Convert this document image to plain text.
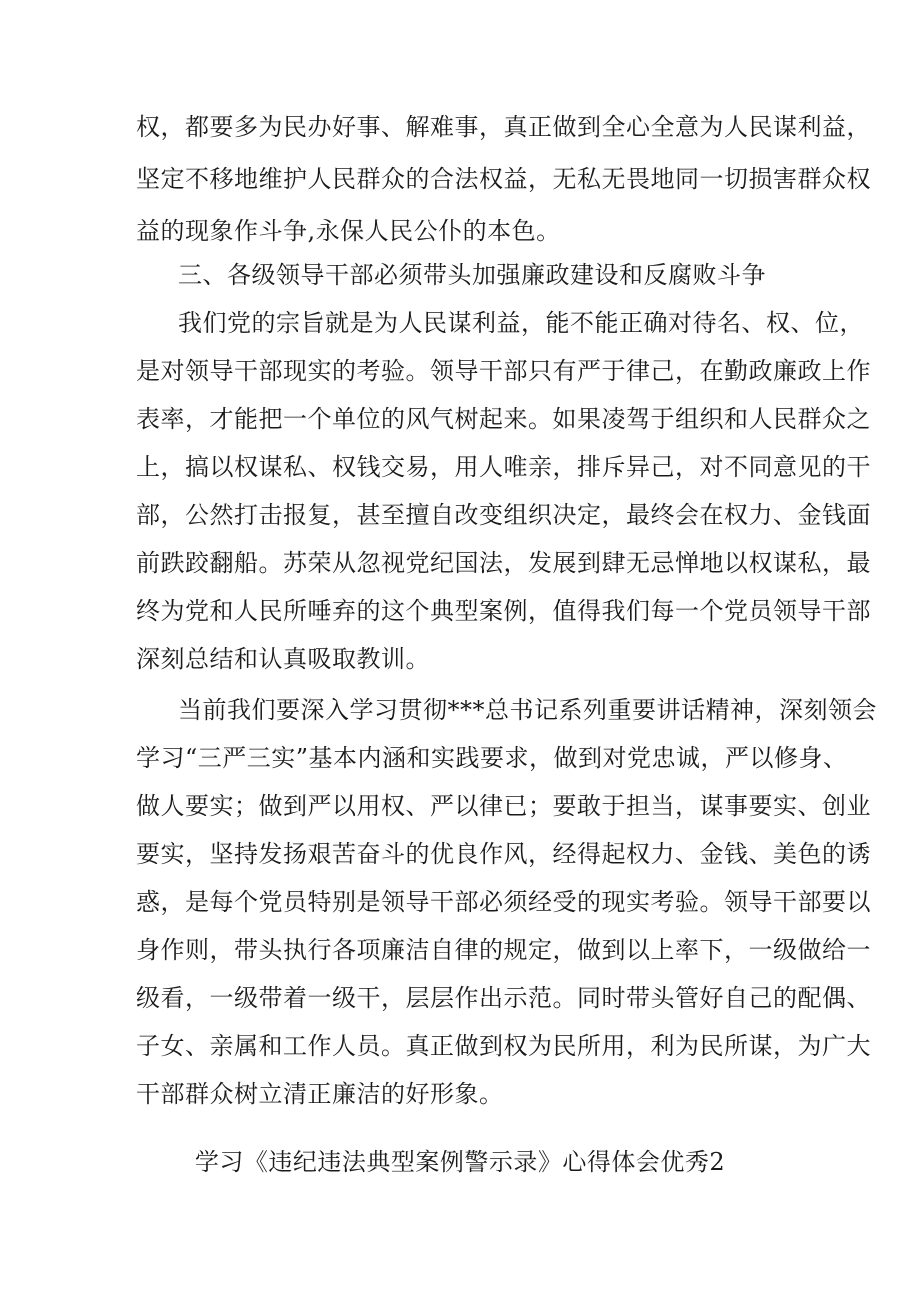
权，都要多为民办好事、解难事，真正做到全心全意为人民谋利益，
坚定不移地维护人民群众的合法权益，无私无畏地同一切损害群众权
益的现象作斗争,永保人民公仆的本色。
三、各级领导干部必须带头加强廉政建设和反腐败斗争
我们党的宗旨就是为人民谋利益，能不能正确对待名、权、位，
是对领导干部现实的考验。领导干部只有严于律己，在勤政廉政上作
表率，才能把一个单位的风气树起来。如果凌驾于组织和人民群众之
上，搞以权谋私、权钱交易，用人唯亲，排斥异己，对不同意见的干
部，公然打击报复，甚至擅自改变组织决定，最终会在权力、金钱面
前跌跤翻船。苏荣从忽视党纪国法，发展到肆无忌惮地以权谋私，最
终为党和人民所唾弃的这个典型案例，值得我们每一个党员领导干部
深刻总结和认真吸取教训。
当前我们要深入学习贯彻***总书记系列重要讲话精神，深刻领会
学习“三严三实”基本内涵和实践要求，做到对党忠诚，严以修身、
做人要实；做到严以用权、严以律已；要敢于担当，谋事要实、创业
要实，坚持发扬艰苦奋斗的优良作风，经得起权力、金钱、美色的诱
惑，是每个党员特别是领导干部必须经受的现实考验。领导干部要以
身作则，带头执行各项廉洁自律的规定，做到以上率下，一级做给一
级看，一级带着一级干，层层作出示范。同时带头管好自己的配偶、
子女、亲属和工作人员。真正做到权为民所用，利为民所谋，为广大
干部群众树立清正廉洁的好形象。
学习《违纪违法典型案例警示录》心得体会优秀2
